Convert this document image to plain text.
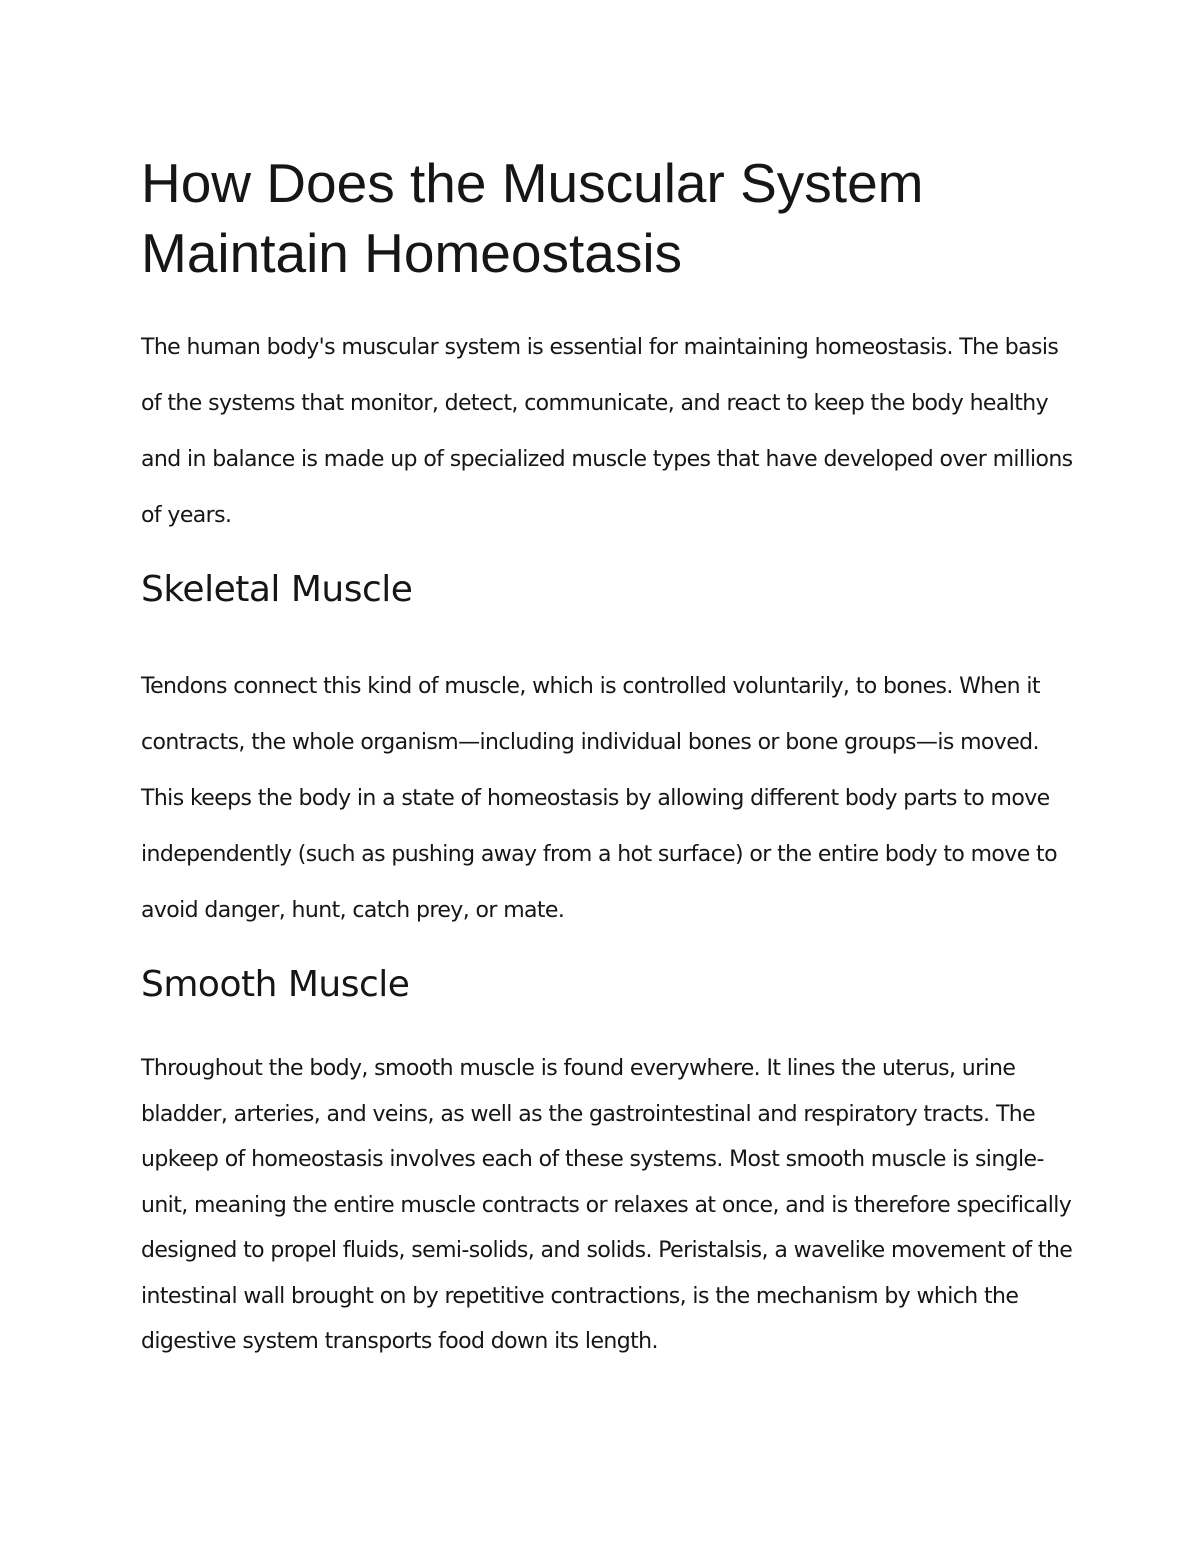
How Does the Muscular System Maintain Homeostasis

The human body's muscular system is essential for maintaining homeostasis. The basis of the systems that monitor, detect, communicate, and react to keep the body healthy and in balance is made up of specialized muscle types that have developed over millions of years.

Skeletal Muscle

Tendons connect this kind of muscle, which is controlled voluntarily, to bones. When it contracts, the whole organism—including individual bones or bone groups—is moved. This keeps the body in a state of homeostasis by allowing different body parts to move independently (such as pushing away from a hot surface) or the entire body to move to avoid danger, hunt, catch prey, or mate.

Smooth Muscle

Throughout the body, smooth muscle is found everywhere. It lines the uterus, urine bladder, arteries, and veins, as well as the gastrointestinal and respiratory tracts. The upkeep of homeostasis involves each of these systems. Most smooth muscle is single-unit, meaning the entire muscle contracts or relaxes at once, and is therefore specifically designed to propel fluids, semi-solids, and solids. Peristalsis, a wavelike movement of the intestinal wall brought on by repetitive contractions, is the mechanism by which the digestive system transports food down its length.
